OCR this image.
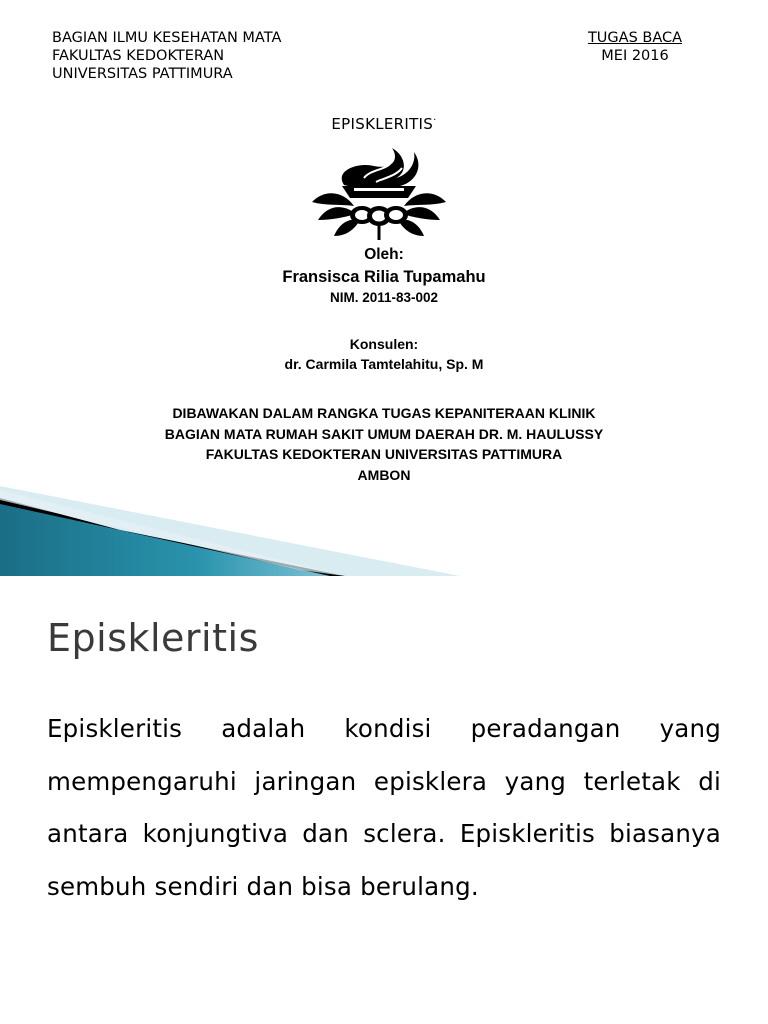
BAGIAN ILMU KESEHATAN MATA
FAKULTAS KEDOKTERAN
UNIVERSITAS PATTIMURA
TUGAS BACA
MEI 2016
EPISKLERITIS·
Oleh:
Fransisca Rilia Tupamahu
NIM. 2011-83-002
Konsulen:
dr. Carmila Tamtelahitu, Sp. M
DIBAWAKAN DALAM RANGKA TUGAS KEPANITERAAN KLINIK
BAGIAN MATA RUMAH SAKIT UMUM DAERAH DR. M. HAULUSSY
FAKULTAS KEDOKTERAN UNIVERSITAS PATTIMURA
AMBON
Episkleritis
Episkleritis adalah kondisi peradangan yang mempengaruhi jaringan episklera yang terletak di antara konjungtiva dan sclera. Episkleritis biasanya sembuh sendiri dan bisa berulang.
